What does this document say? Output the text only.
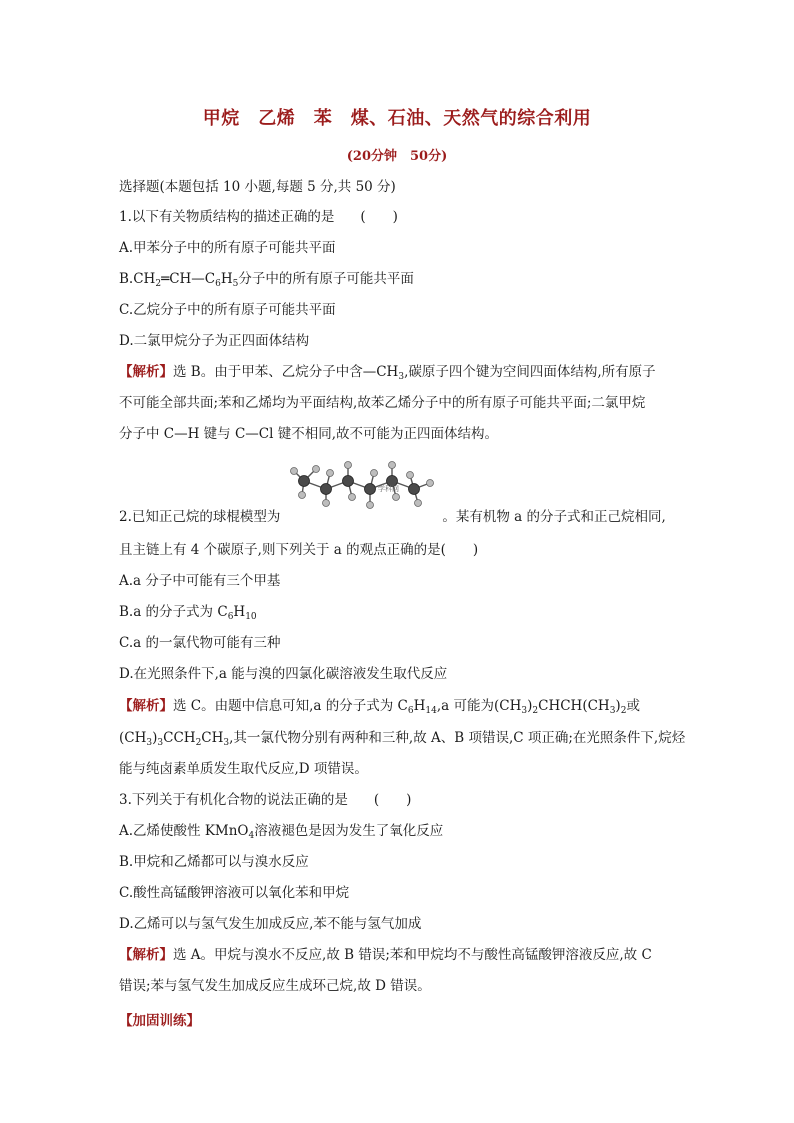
甲烷　乙烯　苯　煤、石油、天然气的综合利用
(20分钟　50分)
选择题(本题包括 10 小题,每题 5 分,共 50 分)
1.以下有关物质结构的描述正确的是 (　　)
A.甲苯分子中的所有原子可能共平面
$B.CH_2═CH—C_6H_5$分子中的所有原子可能共平面
C.乙烷分子中的所有原子可能共平面
D.二氯甲烷分子为正四面体结构
【解析】选 B。由于甲苯、乙烷分子中含$—CH_3$,碳原子四个键为空间四面体结构,所有原子
不可能全部共面;苯和乙烯均为平面结构,故苯乙烯分子中的所有原子可能共平面;二氯甲烷
分子中 C—H 键与 C—Cl 键不相同,故不可能为正四面体结构。
学科网
2.已知正己烷的球棍模型为	。某有机物 a 的分子式和正己烷相同,
且主链上有 4 个碳原子,则下列关于 a 的观点正确的是(　　)
A.a 分子中可能有三个甲基
B.a 的分子式为 $C_6H_{10}$
C.a 的一氯代物可能有三种
D.在光照条件下,a 能与溴的四氯化碳溶液发生取代反应
【解析】选 C。由题中信息可知,a 的分子式为 $C_6H_{14},a$ 可能为$(CH_3)_2CHCH(CH_3)_2$或
$(CH_3)_3CCH_2CH_3$,其一氯代物分别有两种和三种,故 A、B 项错误,C 项正确;在光照条件下,烷烃
能与纯卤素单质发生取代反应,D 项错误。
3.下列关于有机化合物的说法正确的是 (　　)
A.乙烯使酸性 KMnO$_4$溶液褪色是因为发生了氧化反应
B.甲烷和乙烯都可以与溴水反应
C.酸性高锰酸钾溶液可以氧化苯和甲烷
D.乙烯可以与氢气发生加成反应,苯不能与氢气加成
【解析】选 A。甲烷与溴水不反应,故 B 错误;苯和甲烷均不与酸性高锰酸钾溶液反应,故 C
错误;苯与氢气发生加成反应生成环己烷,故 D 错误。
【加固训练】
